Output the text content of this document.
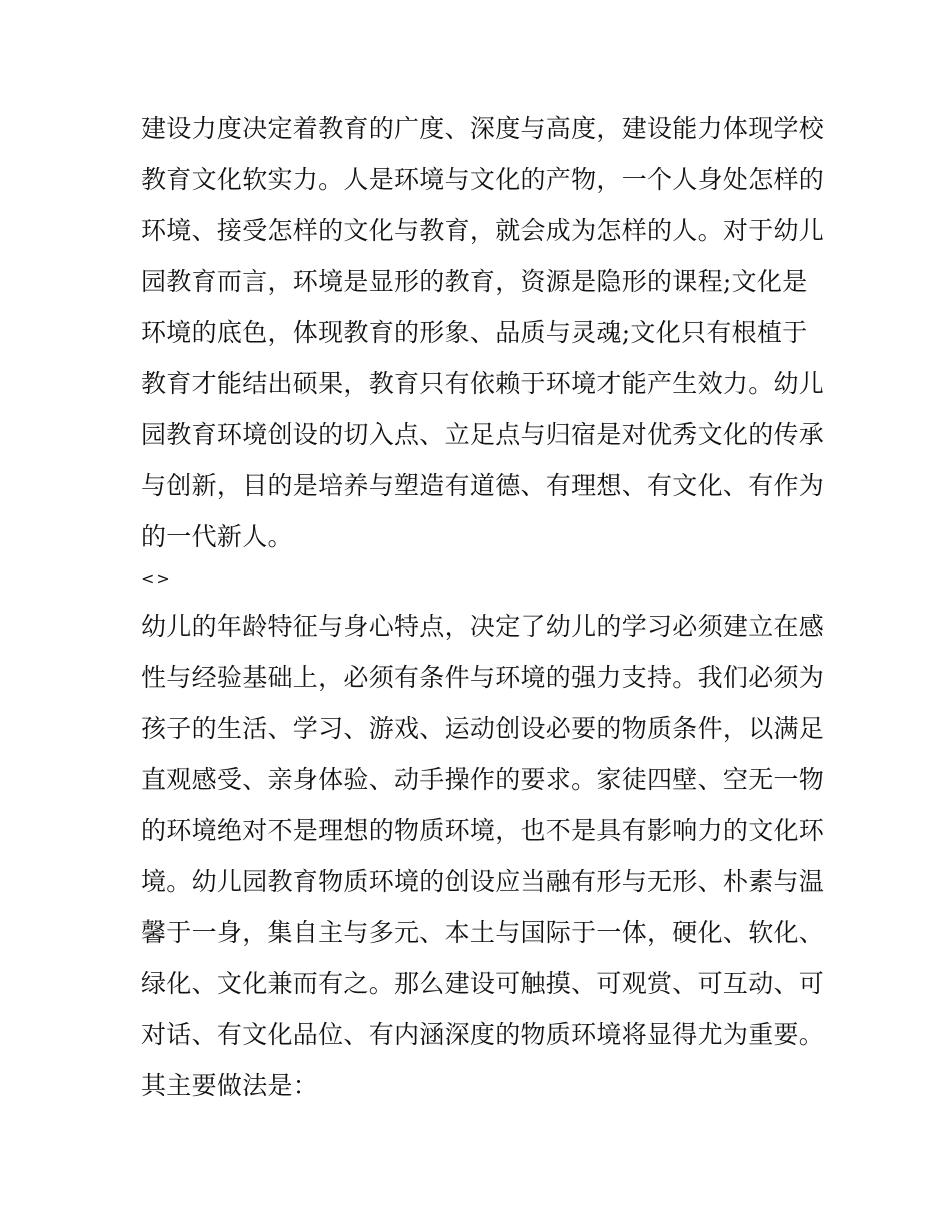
建设力度决定着教育的广度、深度与高度，建设能力体现学校
教育文化软实力。人是环境与文化的产物，一个人身处怎样的
环境、接受怎样的文化与教育，就会成为怎样的人。对于幼儿
园教育而言，环境是显形的教育，资源是隐形的课程;文化是
环境的底色，体现教育的形象、品质与灵魂;文化只有根植于
教育才能结出硕果，教育只有依赖于环境才能产生效力。幼儿
园教育环境创设的切入点、立足点与归宿是对优秀文化的传承
与创新，目的是培养与塑造有道德、有理想、有文化、有作为
的一代新人。
<>
幼儿的年龄特征与身心特点，决定了幼儿的学习必须建立在感
性与经验基础上，必须有条件与环境的强力支持。我们必须为
孩子的生活、学习、游戏、运动创设必要的物质条件，以满足
直观感受、亲身体验、动手操作的要求。家徒四壁、空无一物
的环境绝对不是理想的物质环境，也不是具有影响力的文化环
境。幼儿园教育物质环境的创设应当融有形与无形、朴素与温
馨于一身，集自主与多元、本土与国际于一体，硬化、软化、
绿化、文化兼而有之。那么建设可触摸、可观赏、可互动、可
对话、有文化品位、有内涵深度的物质环境将显得尤为重要。
其主要做法是：
